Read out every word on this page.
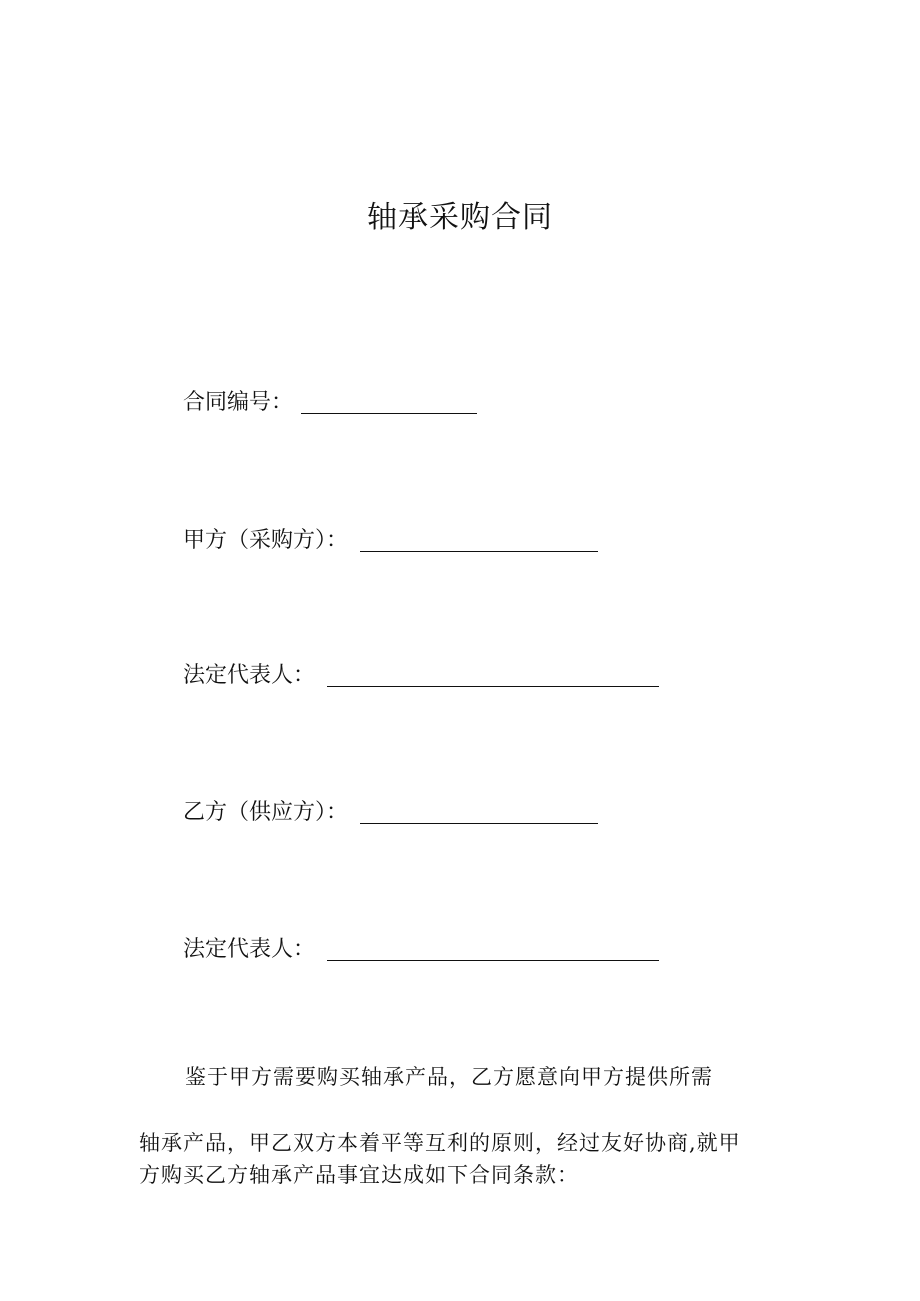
轴承采购合同
合同编号：
甲方（采购方）：
法定代表人：
乙方（供应方）：
法定代表人：
鉴于甲方需要购买轴承产品，乙方愿意向甲方提供所需
轴承产品，甲乙双方本着平等互利的原则，经过友好协商,就甲
方购买乙方轴承产品事宜达成如下合同条款：
